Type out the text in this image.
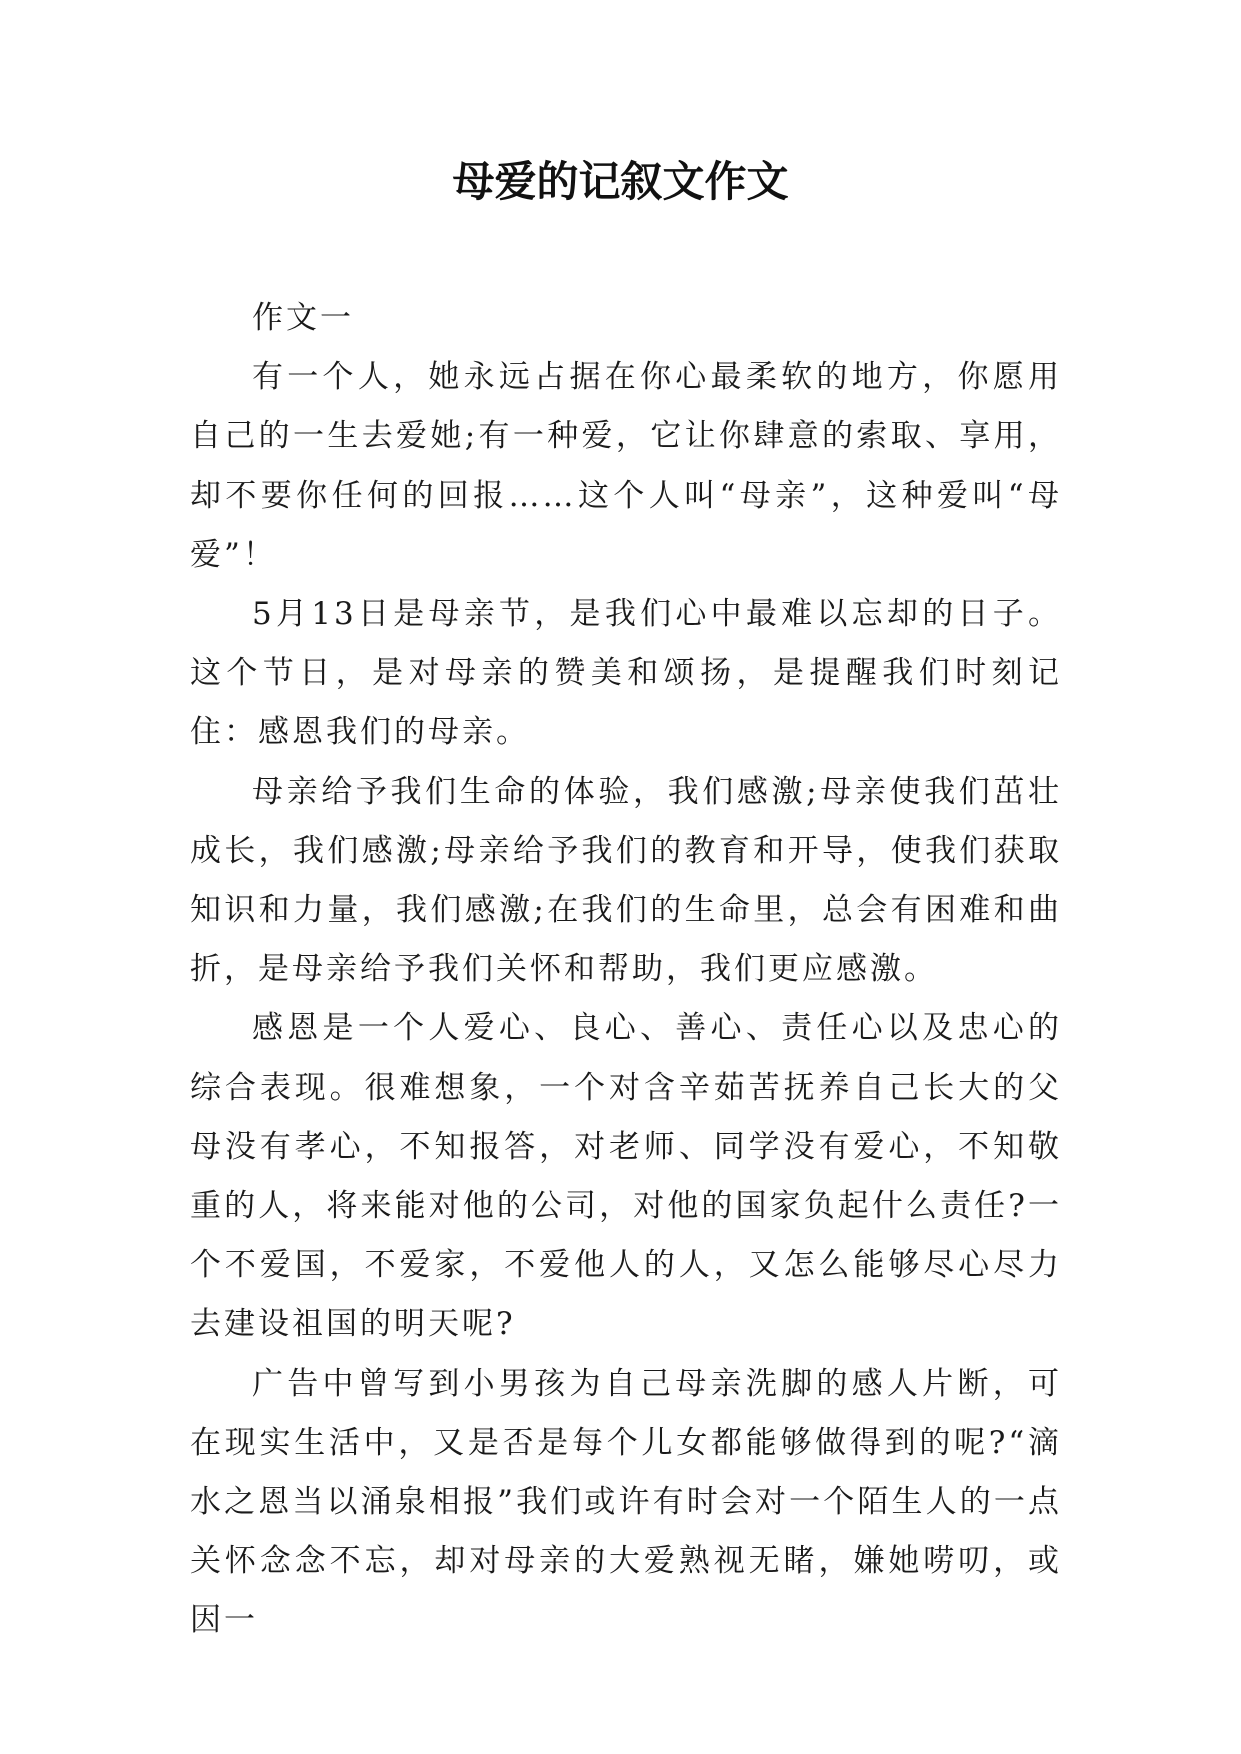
母爱的记叙文作文

作文一

有一个人，她永远占据在你心最柔软的地方，你愿用自己的一生去爱她;有一种爱，它让你肆意的索取、享用，却不要你任何的回报……这个人叫“母亲”，这种爱叫“母爱”！

5月13日是母亲节，是我们心中最难以忘却的日子。这个节日，是对母亲的赞美和颂扬，是提醒我们时刻记住：感恩我们的母亲。

母亲给予我们生命的体验，我们感激;母亲使我们茁壮成长，我们感激;母亲给予我们的教育和开导，使我们获取知识和力量，我们感激;在我们的生命里，总会有困难和曲折，是母亲给予我们关怀和帮助，我们更应感激。

感恩是一个人爱心、良心、善心、责任心以及忠心的综合表现。很难想象，一个对含辛茹苦抚养自己长大的父母没有孝心，不知报答，对老师、同学没有爱心，不知敬重的人，将来能对他的公司，对他的国家负起什么责任?一个不爱国，不爱家，不爱他人的人，又怎么能够尽心尽力去建设祖国的明天呢?

广告中曾写到小男孩为自己母亲洗脚的感人片断，可在现实生活中，又是否是每个儿女都能够做得到的呢?“滴水之恩当以涌泉相报”我们或许有时会对一个陌生人的一点关怀念念不忘，却对母亲的大爱熟视无睹，嫌她唠叨，或因一
